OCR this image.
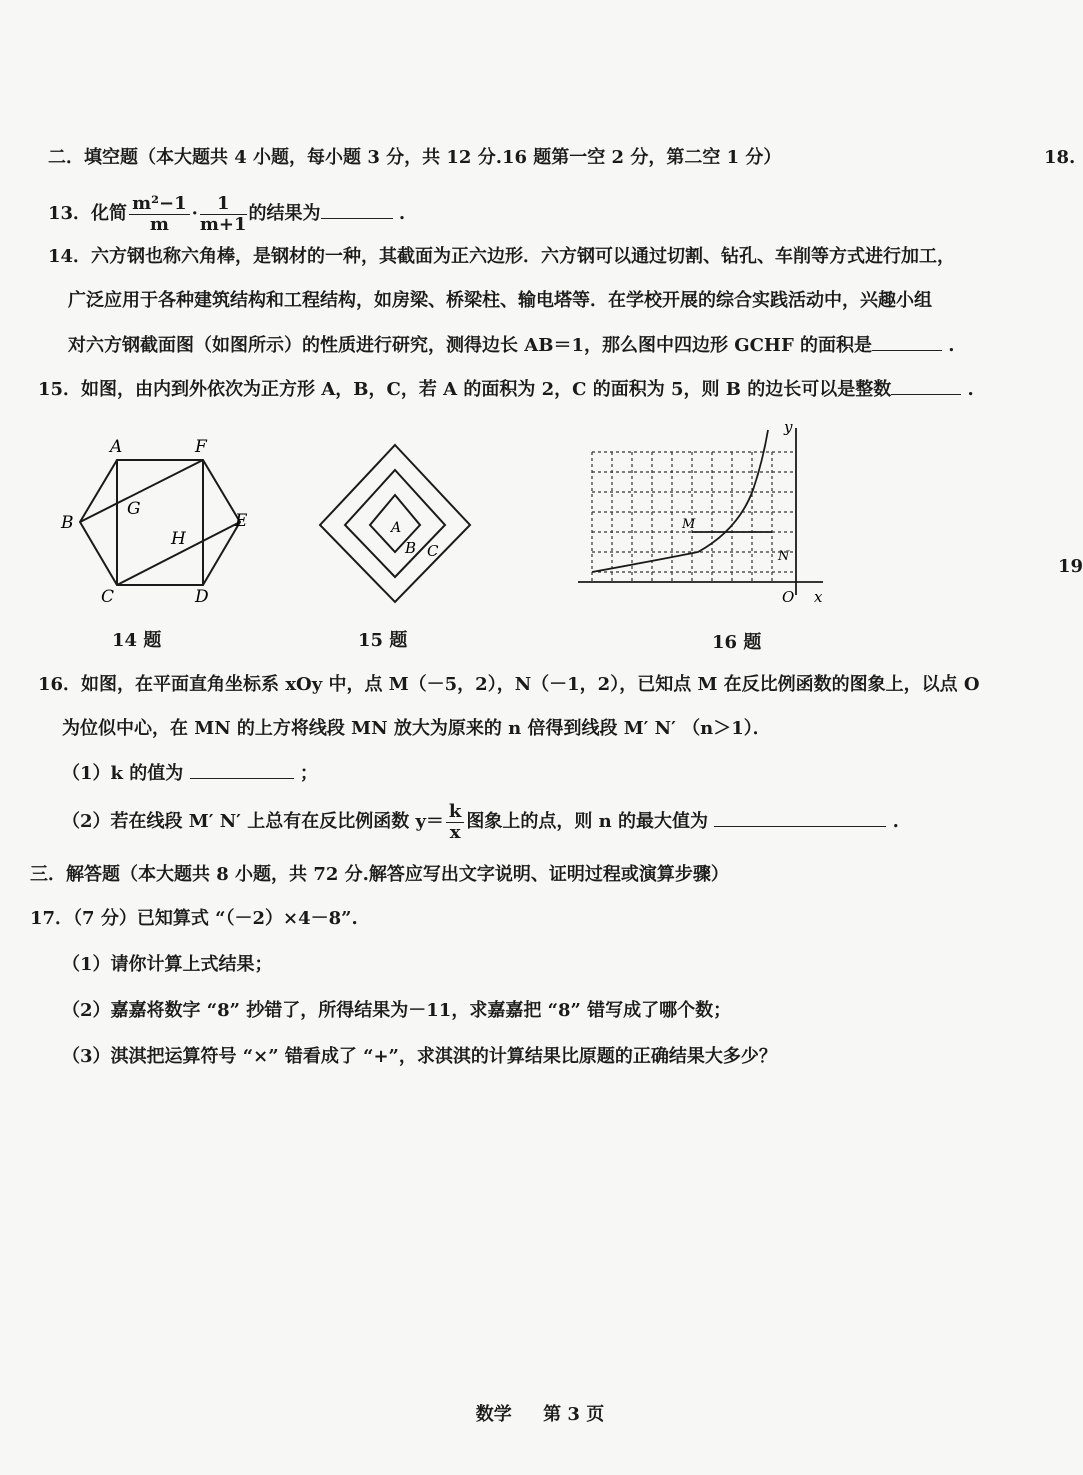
二．填空题（本大题共 4 小题，每小题 3 分，共 12 分.16 题第一空 2 分，第二空 1 分）	18.
13．化简 $\frac{\text{m²−1}}{m} \cdot \frac{1}{m+1}$ 的结果为	.
14．六方钢也称六角棒，是钢材的一种，其截面为正六边形．六方钢可以通过切割、钻孔、车削等方式进行加工，
广泛应用于各种建筑结构和工程结构，如房梁、桥梁柱、输电塔等．在学校开展的综合实践活动中，兴趣小组
对六方钢截面图（如图所示）的性质进行研究，测得边长 AB＝1，那么图中四边形 GCHF 的面积是	.
15．如图，由内到外依次为正方形 A，B，C，若 A 的面积为 2，C 的面积为 5，则 B 的边长可以是整数	.
A	F
B
G
E
H
C	D
14 题
A
B C
15 题
y
x
O
M
N
16 题
19
16．如图，在平面直角坐标系 xOy 中，点 M（－5，2），N（－1，2），已知点 M 在反比例函数的图象上，以点 O
为位似中心，在 MN 的上方将线段 MN 放大为原来的 n 倍得到线段 M′ N′ （n＞1）．
（1）k 的值为	；
（2）若在线段 M′ N′ 上总有在反比例函数 $y= \frac{k}{x}$ 图象上的点，则 n 的最大值为	.
三．解答题（本大题共 8 小题，共 72 分.解答应写出文字说明、证明过程或演算步骤）
17．（7 分）已知算式 “（－2）×4－8”.
（1）请你计算上式结果；
（2）嘉嘉将数字 “8” 抄错了，所得结果为－11，求嘉嘉把 “8” 错写成了哪个数；
（3）淇淇把运算符号 “×” 错看成了 “+”，求淇淇的计算结果比原题的正确结果大多少？
数学 第 3 页
